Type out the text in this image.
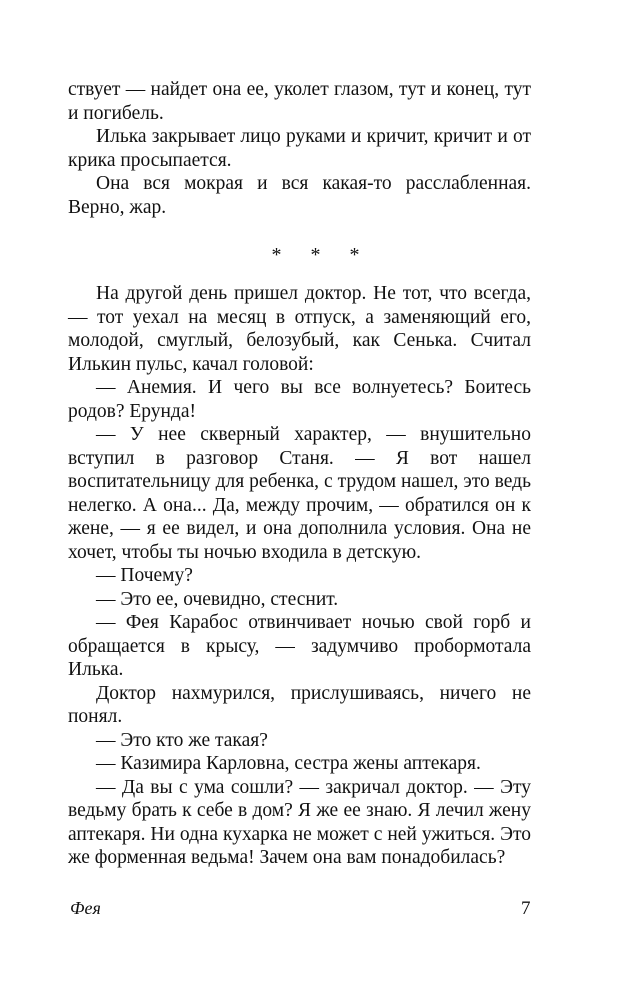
ствует — найдет она ее, уколет глазом, тут и конец, тут и погибель.

Илька закрывает лицо руками и кричит, кричит и от крика просыпается.

Она вся мокрая и вся какая-то расслабленная. Верно, жар.

* * *

На другой день пришел доктор. Не тот, что всегда, — тот уехал на месяц в отпуск, а заменяющий его, молодой, смуглый, белозубый, как Сенька. Считал Илькин пульс, качал головой:

— Анемия. И чего вы все волнуетесь? Боитесь родов? Ерунда!

— У нее скверный характер, — внушительно вступил в разговор Станя. — Я вот нашел воспитательницу для ребенка, с трудом нашел, это ведь нелегко. А она... Да, между прочим, — обратился он к жене, — я ее видел, и она дополнила условия. Она не хочет, чтобы ты ночью входила в детскую.

— Почему?

— Это ее, очевидно, стеснит.

— Фея Карабос отвинчивает ночью свой горб и обращается в крысу, — задумчиво пробормотала Илька.

Доктор нахмурился, прислушиваясь, ничего не понял.

— Это кто же такая?

— Казимира Карловна, сестра жены аптекаря.

— Да вы с ума сошли? — закричал доктор. — Эту ведьму брать к себе в дом? Я же ее знаю. Я лечил жену аптекаря. Ни одна кухарка не может с ней ужиться. Это же форменная ведьма! Зачем она вам понадобилась?

Фея	7
